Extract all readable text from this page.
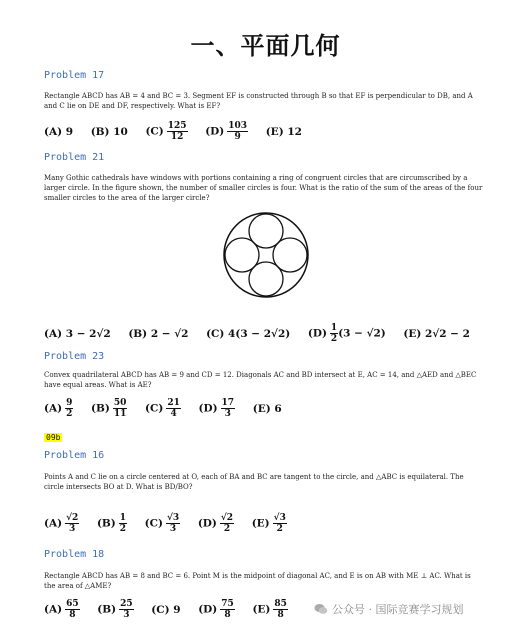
一、平面几何
Problem 17
Rectangle ABCD has AB = 4 and BC = 3. Segment EF is constructed through B so that EF is perpendicular to DB, and A and C lie on DE and DF, respectively. What is EF?
(A) 9 (B) 10 $(C) \frac{125}{12} (D) \frac{103}{9} (E)$ 12
Problem 21
Many Gothic cathedrals have windows with portions containing a ring of congruent circles that are circumscribed by a larger circle. In the figure shown, the number of smaller circles is four. What is the ratio of the sum of the areas of the four smaller circles to the area of the larger circle?
(A) 3 − 2√2 (B) 2 − √2 (C) 4(3 − 2√2) $(D) \frac{1}{2} (3 - √2)$ (E) 2√2 − 2
Problem 23
Convex quadrilateral ABCD has AB = 9 and CD = 12. Diagonals AC and BD intersect at E, AC = 14, and △AED and △BEC have equal areas. What is AE?
$(A) \frac{9}{2} (B) \frac{50}{11} (C) \frac{21}{4} (D) \frac{17}{3} (E)$ 6
09b
Problem 16
Points A and C lie on a circle centered at O, each of BA and BC are tangent to the circle, and △ABC is equilateral. The circle intersects BO at D. What is BD/BO?
$(A) \frac{√2}{3} (B) \frac{1}{2} (C) \frac{√3}{3} (D) \frac{√2}{2} (E) \frac{√3}{2}$
Problem 18
Rectangle ABCD has AB = 8 and BC = 6. Point M is the midpoint of diagonal AC, and E is on AB with ME ⊥ AC. What is the area of △AME?
$(A) \frac{65}{8} (B) \frac{25}{3} (C)$ 9 $(D) \frac{75}{8} (E) \frac{85}{8}$	公众号 · 国际竞赛学习规划
